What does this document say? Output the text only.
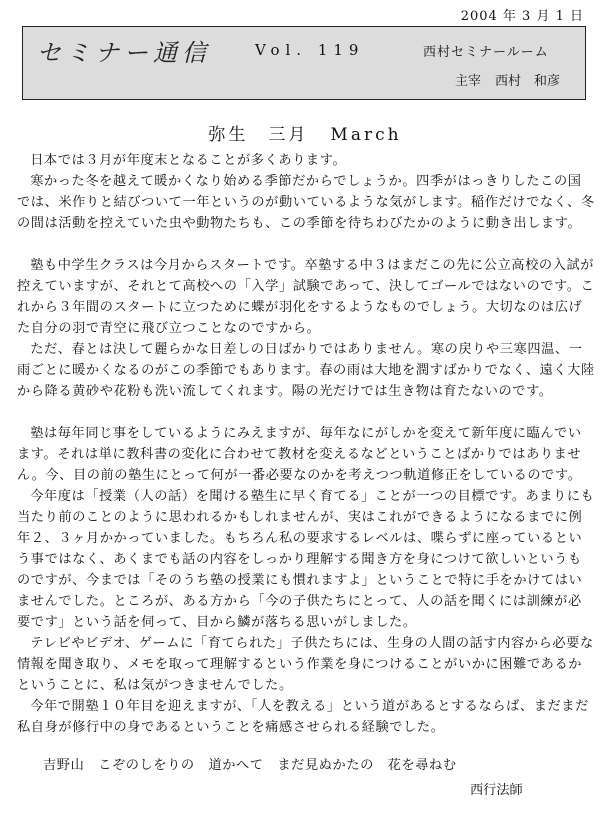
2004 年 3 月 1 日
セミナー通信	Vol. 119	西村セミナールーム
主宰 西村　和彦
弥生　三月 March

日本では３月が年度末となることが多くあります。

寒かった冬を越えて暖かくなり始める季節だからでしょうか。四季がはっきりしたこの国では、米作りと結びついて一年というのが動いているような気がします。稲作だけでなく、冬の間は活動を控えていた虫や動物たちも、この季節を待ちわびたかのように動き出します。

塾も中学生クラスは今月からスタートです。卒塾する中３はまだこの先に公立高校の入試が控えていますが、それとて高校への「入学」試験であって、決してゴールではないのです。これから３年間のスタートに立つために蝶が羽化をするようなものでしょう。大切なのは広げた自分の羽で青空に飛び立つことなのですから。

ただ、春とは決して麗らかな日差しの日ばかりではありません。寒の戻りや三寒四温、一雨ごとに暖かくなるのがこの季節でもあります。春の雨は大地を潤すばかりでなく、遠く大陸から降る黄砂や花粉も洗い流してくれます。陽の光だけでは生き物は育たないのです。

塾は毎年同じ事をしているようにみえますが、毎年なにがしかを変えて新年度に臨んでいます。それは単に教科書の変化に合わせて教材を変えるなどということばかりではありません。今、目の前の塾生にとって何が一番必要なのかを考えつつ軌道修正をしているのです。

今年度は「授業（人の話）を聞ける塾生に早く育てる」ことが一つの目標です。あまりにも当たり前のことのように思われるかもしれませんが、実はこれができるようになるまでに例年２、３ヶ月かかっていました。もちろん私の要求するレベルは、喋らずに座っているという事ではなく、あくまでも話の内容をしっかり理解する聞き方を身につけて欲しいというものですが、今までは「そのうち塾の授業にも慣れますよ」ということで特に手をかけてはいませんでした。ところが、ある方から「今の子供たちにとって、人の話を聞くには訓練が必要です」という話を伺って、目から鱗が落ちる思いがしました。

テレビやビデオ、ゲームに「育てられた」子供たちには、生身の人間の話す内容から必要な情報を聞き取り、メモを取って理解するという作業を身につけることがいかに困難であるかということに、私は気がつきませんでした。

今年で開塾１０年目を迎えますが、「人を教える」という道があるとするならば、まだまだ私自身が修行中の身であるということを痛感させられる経験でした。

吉野山　こぞのしをりの　道かへて　まだ見ぬかたの　花を尋ねむ
西行法師
